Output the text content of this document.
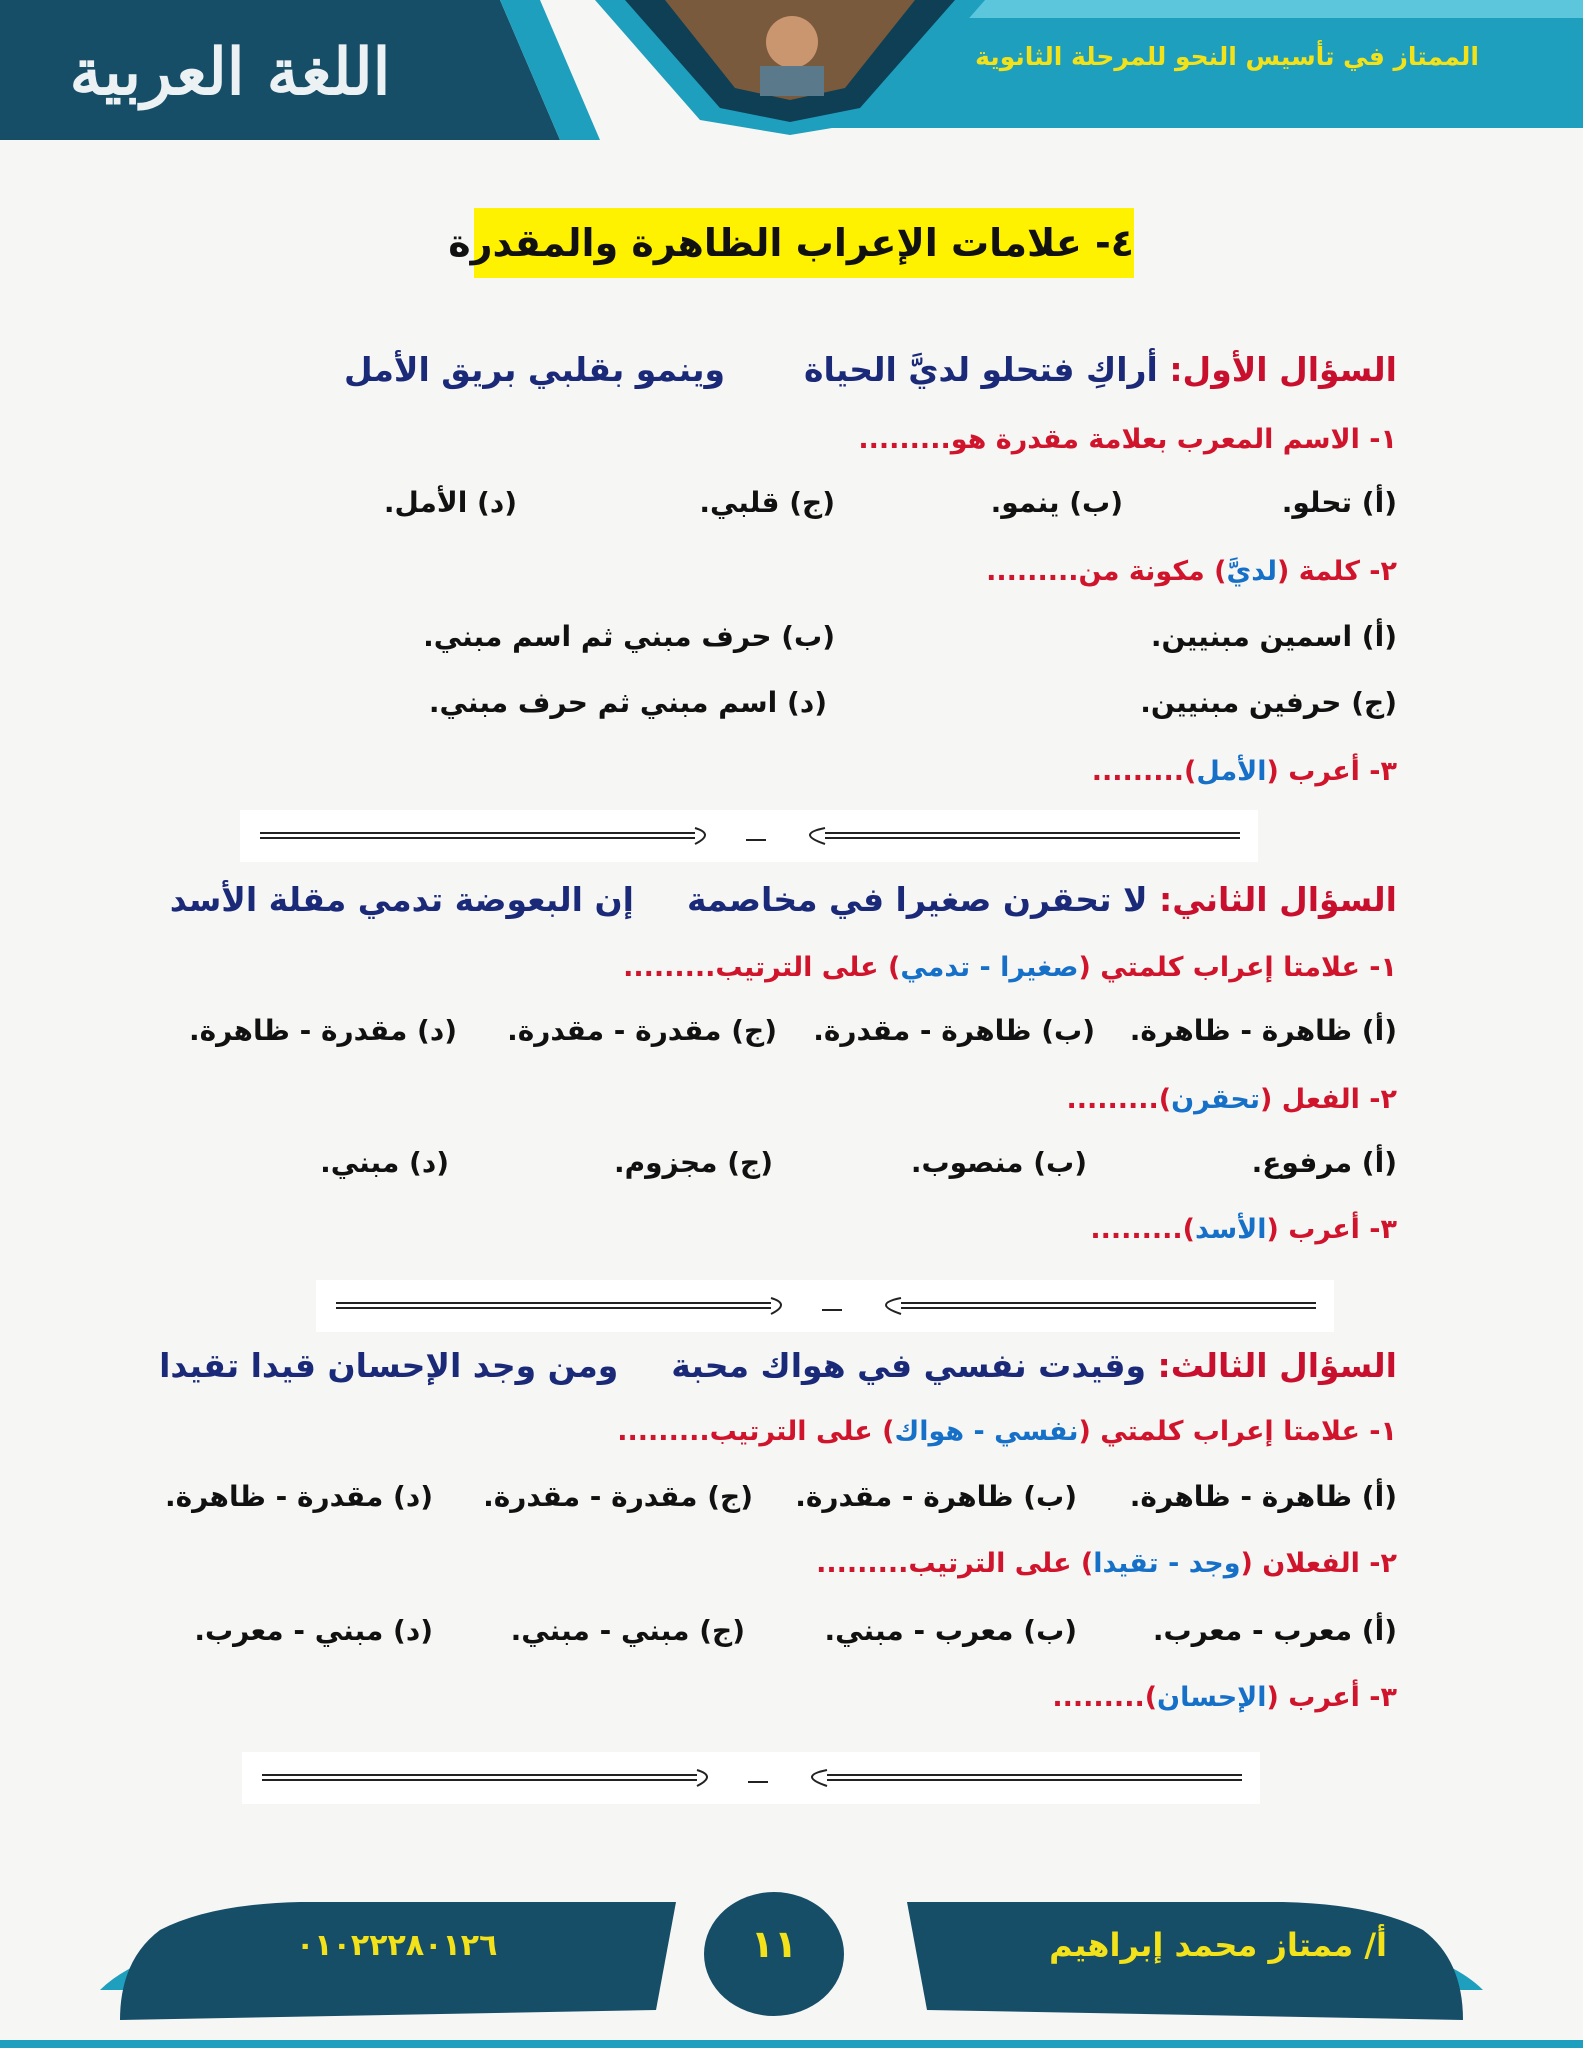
اللغة العربية	الممتاز في تأسيس النحو للمرحلة الثانوية
٤- علامات الإعراب الظاهرة والمقدرة
السؤال الأول: أراكِ فتحلو لديَّ الحياة  وينمو بقلبي بريق الأمل
١- الاسم المعرب بعلامة مقدرة هو.........
(أ) تحلو.
(ب) ينمو.
(ج) قلبي.
(د) الأمل.
٢- كلمة (لديَّ) مكونة من.........
(أ) اسمين مبنيين.
(ب) حرف مبني ثم اسم مبني.
(ج) حرفين مبنيين.
(د) اسم مبني ثم حرف مبني.
٣- أعرب (الأمل).........
السؤال الثاني: لا تحقرن صغيرا في مخاصمة  إن البعوضة تدمي مقلة الأسد
١- علامتا إعراب كلمتي (صغيرا - تدمي) على الترتيب.........
(أ) ظاهرة - ظاهرة.
(ب) ظاهرة - مقدرة.
(ج) مقدرة - مقدرة.
(د) مقدرة - ظاهرة.
٢- الفعل (تحقرن).........
(أ) مرفوع.
(ب) منصوب.
(ج) مجزوم.
(د) مبني.
٣- أعرب (الأسد).........
السؤال الثالث: وقيدت نفسي في هواك محبة  ومن وجد الإحسان قيدا تقيدا
١- علامتا إعراب كلمتي (نفسي - هواك) على الترتيب.........
(أ) ظاهرة - ظاهرة.
(ب) ظاهرة - مقدرة.
(ج) مقدرة - مقدرة.
(د) مقدرة - ظاهرة.
٢- الفعلان (وجد - تقيدا) على الترتيب.........
(أ) معرب - معرب.
(ب) معرب - مبني.
(ج) مبني - مبني.
(د) مبني - معرب.
٣- أعرب (الإحسان).........
٠١٠٢٢٢٨٠١٢٦	١١	أ/ ممتاز محمد إبراهيم
